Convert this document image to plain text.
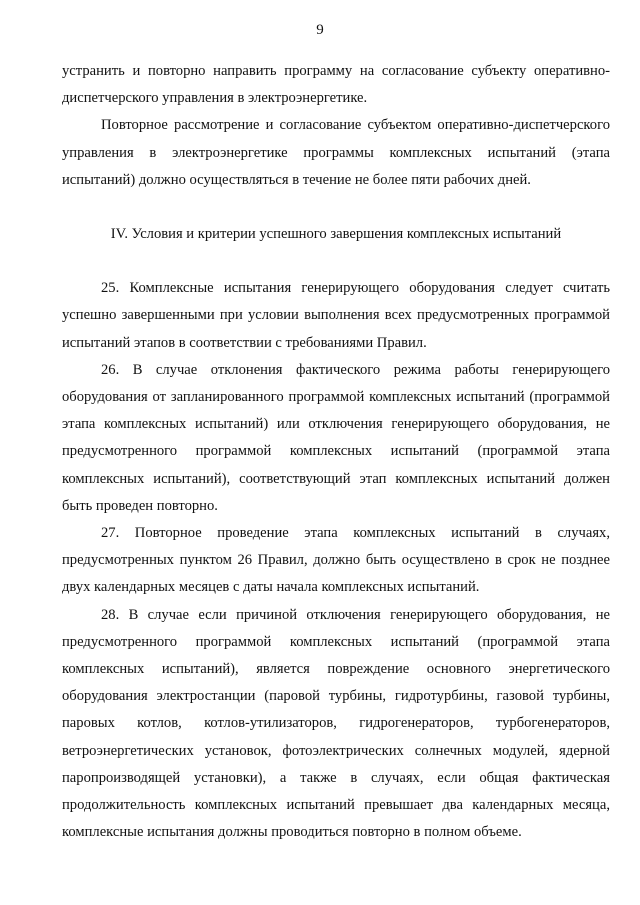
9

устранить и повторно направить программу на согласование субъекту оперативно-диспетчерского управления в электроэнергетике.

Повторное рассмотрение и согласование субъектом оперативно-диспетчерского управления в электроэнергетике программы комплексных испытаний (этапа испытаний) должно осуществляться в течение не более пяти рабочих дней.

IV. Условия и критерии успешного завершения комплексных испытаний

25. Комплексные испытания генерирующего оборудования следует считать успешно завершенными при условии выполнения всех предусмотренных программой испытаний этапов в соответствии с требованиями Правил.

26. В случае отклонения фактического режима работы генерирующего оборудования от запланированного программой комплексных испытаний (программой этапа комплексных испытаний) или отключения генерирующего оборудования, не предусмотренного программой комплексных испытаний (программой этапа комплексных испытаний), соответствующий этап комплексных испытаний должен быть проведен повторно.

27. Повторное проведение этапа комплексных испытаний в случаях, предусмотренных пунктом 26 Правил, должно быть осуществлено в срок не позднее двух календарных месяцев с даты начала комплексных испытаний.

28. В случае если причиной отключения генерирующего оборудования, не предусмотренного программой комплексных испытаний (программой этапа комплексных испытаний), является повреждение основного энергетического оборудования электростанции (паровой турбины, гидротурбины, газовой турбины, паровых котлов, котлов-утилизаторов, гидрогенераторов, турбогенераторов, ветроэнергетических установок, фотоэлектрических солнечных модулей, ядерной паропроизводящей установки), а также в случаях, если общая фактическая продолжительность комплексных испытаний превышает два календарных месяца, комплексные испытания должны проводиться повторно в полном объеме.
